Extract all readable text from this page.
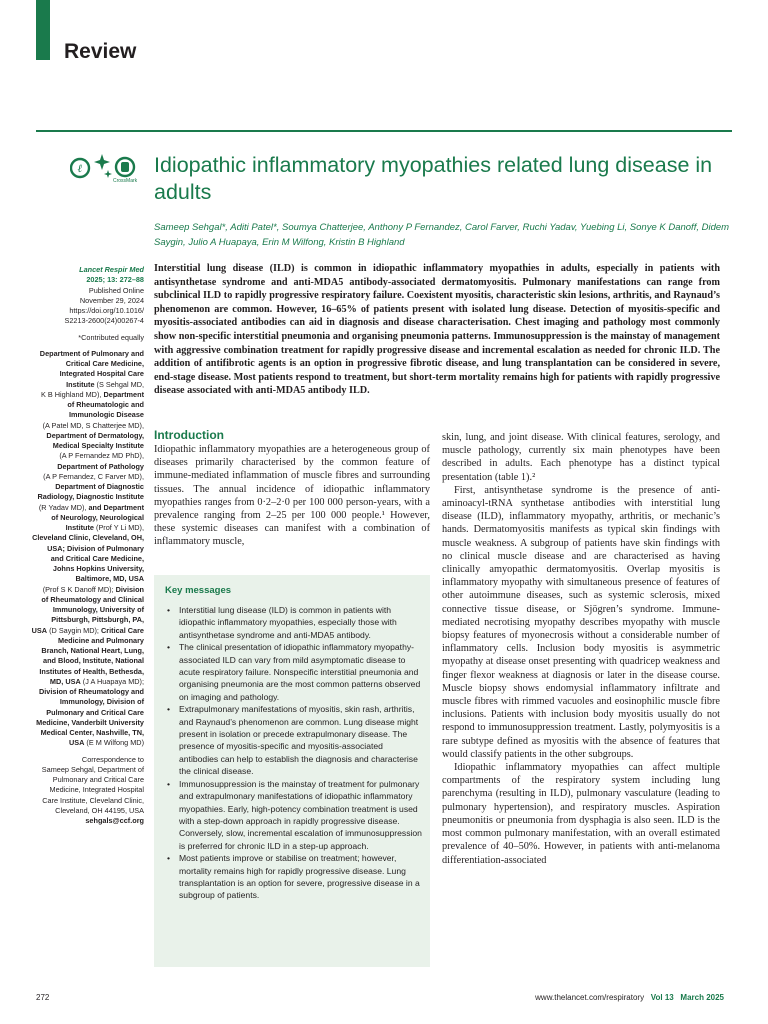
Review
ℓ
CrossMark
Idiopathic inflammatory myopathies related lung disease in adults
Sameep Sehgal*, Aditi Patel*, Soumya Chatterjee, Anthony P Fernandez, Carol Farver, Ruchi Yadav, Yuebing Li, Sonye K Danoff, Didem Saygin, Julio A Huapaya, Erin M Wilfong, Kristin B Highland
Lancet Respir Med
2025; 13: 272–88
Published Online
November 29, 2024
https://doi.org/10.1016/
S2213-2600(24)00267-4
*Contributed equally
Department of Pulmonary and
Critical Care Medicine,
Integrated Hospital Care
Institute (S Sehgal MD,
K B Highland MD), Department
of Rheumatologic and
Immunologic Disease
(A Patel MD, S Chatterjee MD),
Department of Dermatology,
Medical Specialty Institute
(A P Fernandez MD PhD),
Department of Pathology
(A P Fernandez, C Farver MD),
Department of Diagnostic
Radiology, Diagnostic Institute
(R Yadav MD), and Department
of Neurology, Neurological
Institute (Prof Y Li MD),
Cleveland Clinic, Cleveland, OH,
USA; Division of Pulmonary
and Critical Care Medicine,
Johns Hopkins University,
Baltimore, MD, USA
(Prof S K Danoff MD); Division
of Rheumatology and Clinical
Immunology, University of
Pittsburgh, Pittsburgh, PA,
USA (D Saygin MD); Critical Care
Medicine and Pulmonary
Branch, National Heart, Lung,
and Blood, Institute, National
Institutes of Health, Bethesda,
MD, USA (J A Huapaya MD);
Division of Rheumatology and
Immunology, Division of
Pulmonary and Critical Care
Medicine, Vanderbilt University
Medical Center, Nashville, TN,
USA (E M Wilfong MD)
Correspondence to
Sameep Sehgal, Department of
Pulmonary and Critical Care
Medicine, Integrated Hospital
Care Institute, Cleveland Clinic,
Cleveland, OH 44195, USA
sehgals@ccf.org
Interstitial lung disease (ILD) is common in idiopathic inflammatory myopathies in adults, especially in patients with antisynthetase syndrome and anti-MDA5 antibody-associated dermatomyositis. Pulmonary manifestations can range from subclinical ILD to rapidly progressive respiratory failure. Coexistent myositis, characteristic skin lesions, arthritis, and Raynaud’s phenomenon are common. However, 16–65% of patients present with isolated lung disease. Detection of myositis-specific and myositis-associated antibodies can aid in diagnosis and disease characterisation. Chest imaging and pathology most commonly show non-specific interstitial pneumonia and organising pneumonia patterns. Immunosuppression is the mainstay of management with aggressive combination treatment for rapidly progressive disease and incremental escalation as needed for chronic ILD. The addition of antifibrotic agents is an option in progressive fibrotic disease, and lung transplantation can be considered in severe, end-stage disease. Most patients respond to treatment, but short-term mortality remains high for patients with rapidly progressive disease associated with anti-MDA5 antibody ILD.
Introduction

Idiopathic inflammatory myopathies are a heterogeneous group of diseases primarily characterised by the common feature of immune-mediated inflammation of muscle fibres and surrounding tissues. The annual incidence of idiopathic inflammatory myopathies ranges from 0·2–2·0 per 100 000 person-years, with a prevalence ranging from 2–25 per 100 000 people.¹ However, these systemic diseases can manifest with a combination of inflammatory muscle,

Key messages
• Interstitial lung disease (ILD) is common in patients with idiopathic inflammatory myopathies, especially those with antisynthetase syndrome and anti-MDA5 antibody.
• The clinical presentation of idiopathic inflammatory myopathy-associated ILD can vary from mild asymptomatic disease to acute respiratory failure. Nonspecific interstitial pneumonia and organising pneumonia are the most common patterns observed on imaging and pathology.
• Extrapulmonary manifestations of myositis, skin rash, arthritis, and Raynaud’s phenomenon are common. Lung disease might present in isolation or precede extrapulmonary disease. The presence of myositis-specific and myositis-associated antibodies can help to establish the diagnosis and characterise the clinical disease.
• Immunosuppression is the mainstay of treatment for pulmonary and extrapulmonary manifestations of idiopathic inflammatory myopathies. Early, high-potency combination treatment is used with a step-down approach in rapidly progressive disease. Conversely, slow, incremental escalation of immunosuppression is preferred for chronic ILD in a step-up approach.
• Most patients improve or stabilise on treatment; however, mortality remains high for rapidly progressive disease. Lung transplantation is an option for severe, progressive disease in a subgroup of patients.

skin, lung, and joint disease. With clinical features, serology, and muscle pathology, currently six main phenotypes have been described in adults. Each phenotype has a distinct typical presentation (table 1).²

First, antisynthetase syndrome is the presence of anti-aminoacyl-tRNA synthetase antibodies with interstitial lung disease (ILD), inflammatory myopathy, arthritis, or mechanic’s hands. Dermatomyositis manifests as typical skin findings with muscle weakness. A subgroup of patients have skin findings with no clinical muscle disease and are characterised as having clinically amyopathic dermatomyositis. Overlap myositis is inflammatory myopathy with simultaneous presence of features of other autoimmune diseases, such as systemic sclerosis, mixed connective tissue disease, or Sjögren’s syndrome. Immune-mediated necrotising myopathy describes myopathy with muscle biopsy features of myonecrosis without a considerable number of inflammatory cells. Inclusion body myositis is asymmetric myopathy at disease onset presenting with quadricep weakness and finger flexor weakness at diagnosis or later in the disease course. Muscle biopsy shows endomysial inflammatory infiltrate and muscle fibres with rimmed vacuoles and eosinophilic muscle fibre inclusions. Patients with inclusion body myositis usually do not respond to immunosuppression treatment. Lastly, polymyositis is a rare subtype defined as myositis with the absence of features that would classify patients in the other subgroups.

Idiopathic inflammatory myopathies can affect multiple compartments of the respiratory system including lung parenchyma (resulting in ILD), pulmonary vasculature (leading to pulmonary hypertension), and respiratory muscles. Aspiration pneumonitis or pneumonia from dysphagia is also seen. ILD is the most common pulmonary manifestation, with an overall estimated prevalence of 40–50%. However, in patients with anti-melanoma differentiation-associated

272	www.thelancet.com/respiratory Vol 13 March 2025
